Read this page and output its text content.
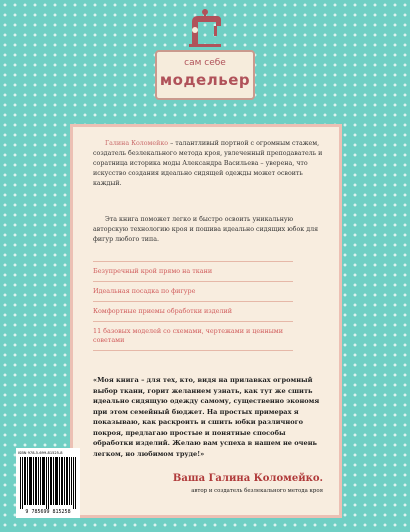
сам себе
модельер

Галина Коломейко – талантливый портной с огромным стажем, создатель безлекального метода кроя, увлеченный преподаватель и соратница историка моды Александра Васильева – уверена, что искусство создания идеально сидящей одежды может освоить каждый.

Эта книга поможет легко и быстро освоить уникальную авторскую технологию кроя и пошива идеально сидящих юбок для фигур любого типа.

Безупречный крой прямо на ткани

Идеальная посадка по фигуре

Комфортные приемы обработки изделий

11 базовых моделей со схемами, чертежами и ценными советами

«Моя книга – для тех, кто, видя на прилавках огромный выбор ткани, горит желанием узнать, как тут же сшить идеально сидящую одежду самому, существенно экономя при этом семейный бюджет. На простых примерах я показываю, как раскроить и сшить юбки различного покроя, предлагаю простые и понятные способы обработки изделий. Желаю вам успеха в нашем не очень легком, но любимом труде!»

Ваша Галина Коломейко.
автор и создатель безлекального метода кроя
ISBN 978-5-699-81525-8
9 785699 815258
